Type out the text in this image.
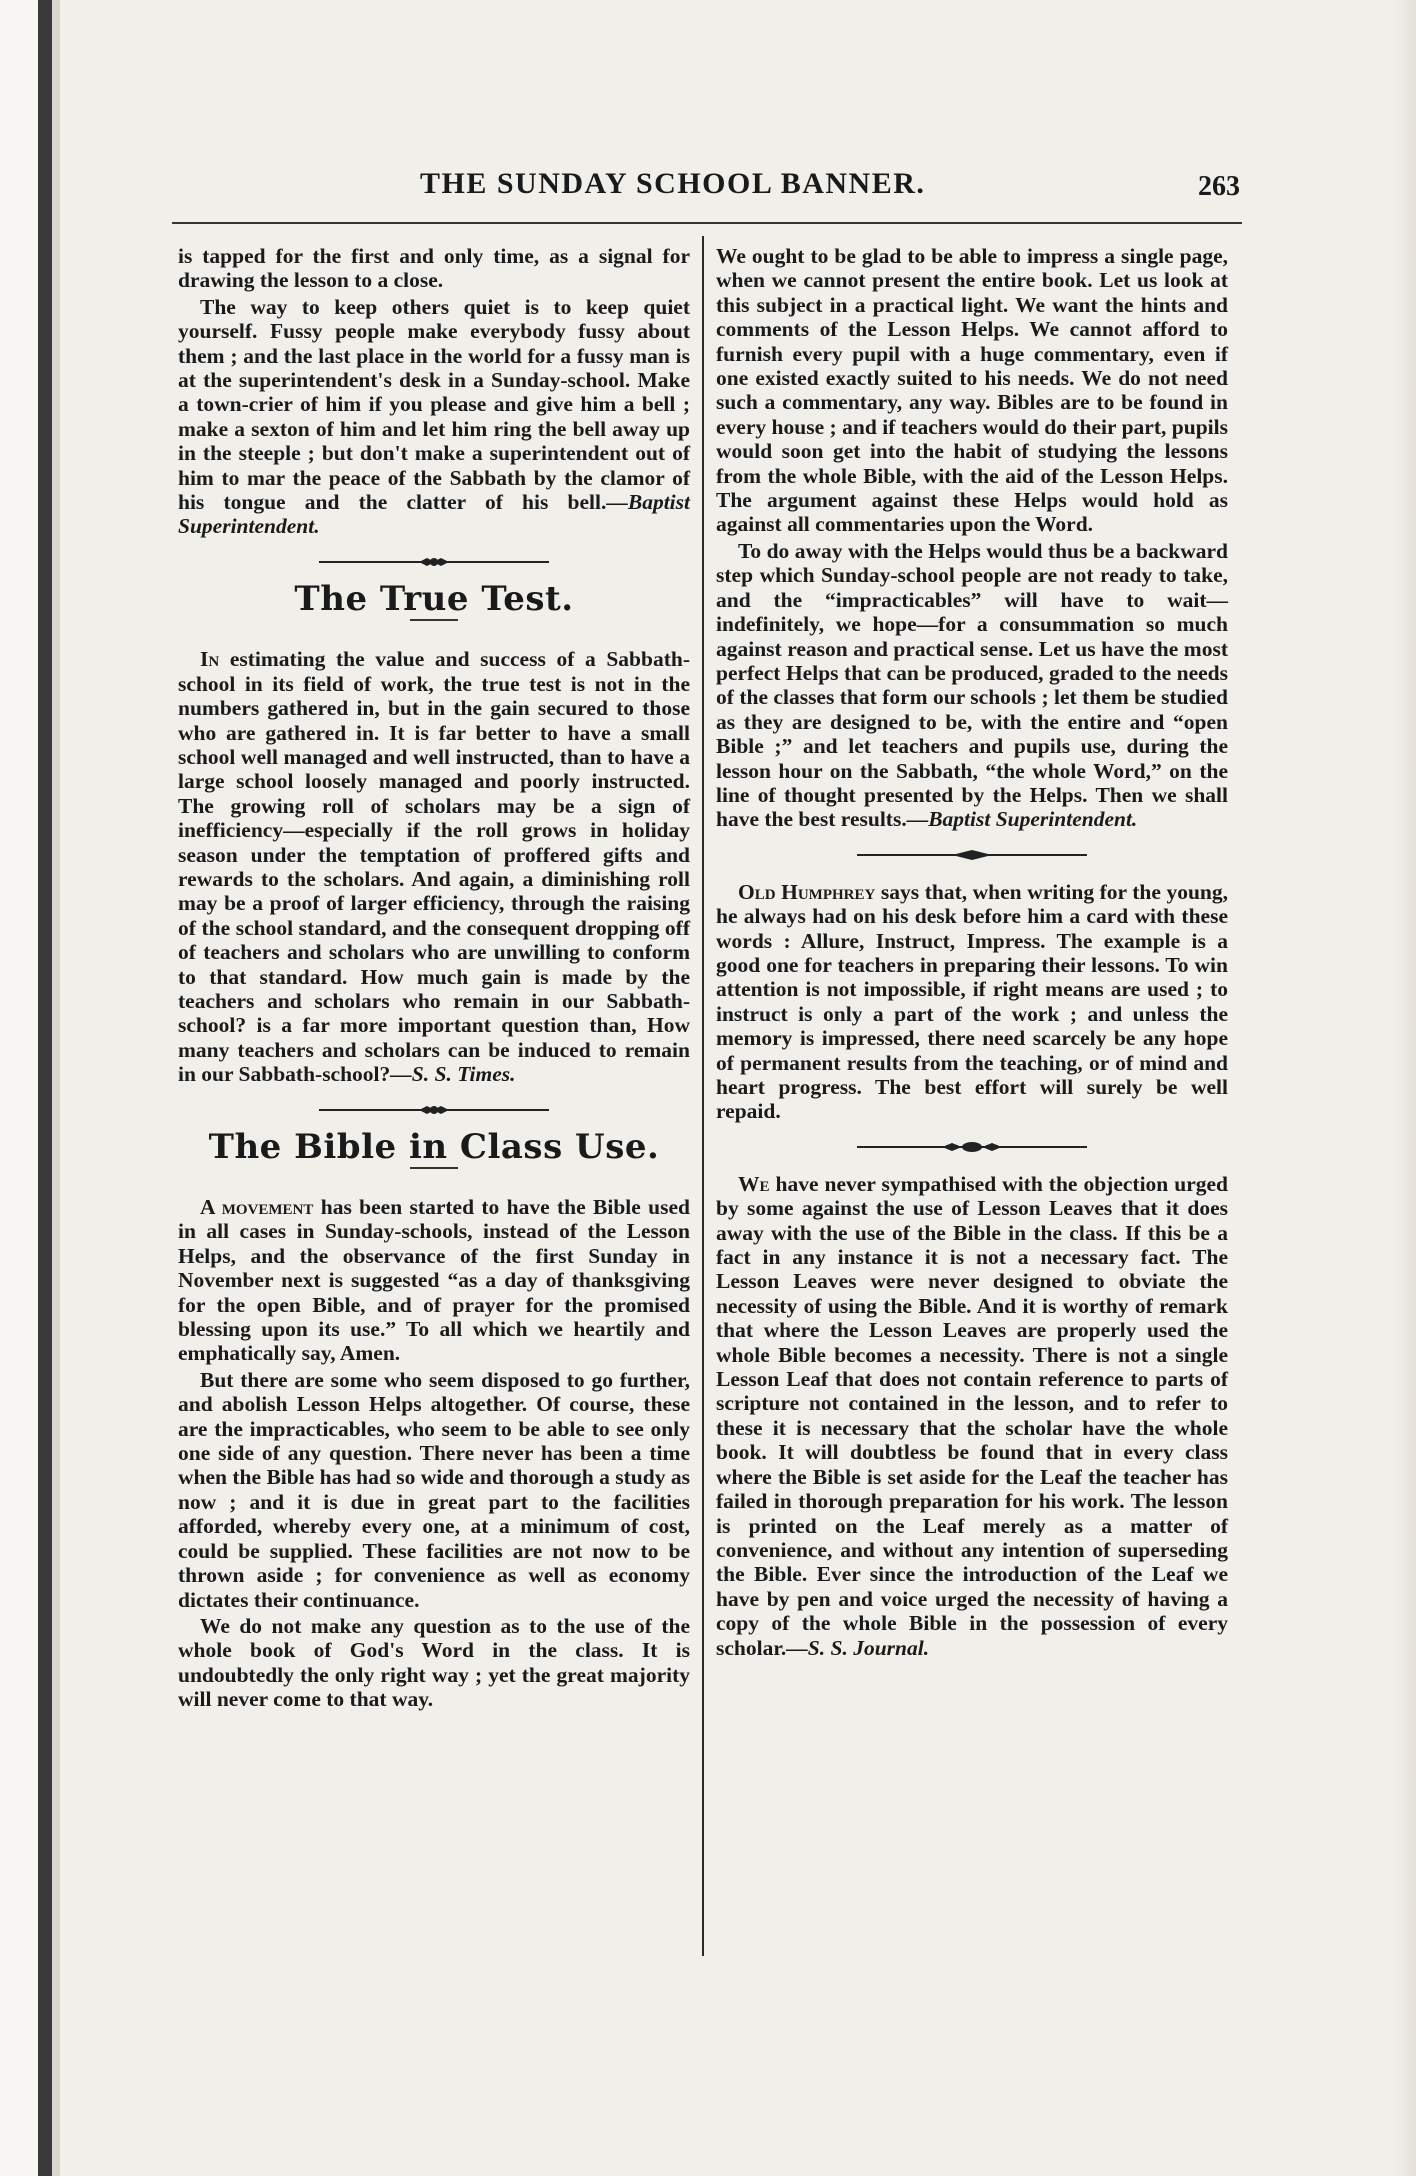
THE SUNDAY SCHOOL BANNER.	263

is tapped for the first and only time, as a signal for drawing the lesson to a close.

The way to keep others quiet is to keep quiet yourself. Fussy people make everybody fussy about them ; and the last place in the world for a fussy man is at the superintendent's desk in a Sunday-school. Make a town-crier of him if you please and give him a bell ; make a sexton of him and let him ring the bell away up in the steeple ; but don't make a superintendent out of him to mar the peace of the Sabbath by the clamor of his tongue and the clatter of his bell.—Baptist Superintendent.

The True Test.

In estimating the value and success of a Sabbath-school in its field of work, the true test is not in the numbers gathered in, but in the gain secured to those who are gathered in. It is far better to have a small school well managed and well instructed, than to have a large school loosely managed and poorly instructed. The growing roll of scholars may be a sign of inefficiency—especially if the roll grows in holiday season under the temptation of proffered gifts and rewards to the scholars. And again, a diminishing roll may be a proof of larger efficiency, through the raising of the school standard, and the consequent dropping off of teachers and scholars who are unwilling to conform to that standard. How much gain is made by the teachers and scholars who remain in our Sabbath-school? is a far more important question than, How many teachers and scholars can be induced to remain in our Sabbath-school?—S. S. Times.

The Bible in Class Use.

A movement has been started to have the Bible used in all cases in Sunday-schools, instead of the Lesson Helps, and the observance of the first Sunday in November next is suggested “as a day of thanksgiving for the open Bible, and of prayer for the promised blessing upon its use.” To all which we heartily and emphatically say, Amen.

But there are some who seem disposed to go further, and abolish Lesson Helps altogether. Of course, these are the impracticables, who seem to be able to see only one side of any question. There never has been a time when the Bible has had so wide and thorough a study as now ; and it is due in great part to the facilities afforded, whereby every one, at a minimum of cost, could be supplied. These facilities are not now to be thrown aside ; for convenience as well as economy dictates their continuance.

We do not make any question as to the use of the whole book of God's Word in the class. It is undoubtedly the only right way ; yet the great majority will never come to that way.

We ought to be glad to be able to impress a single page, when we cannot present the entire book. Let us look at this subject in a practical light. We want the hints and comments of the Lesson Helps. We cannot afford to furnish every pupil with a huge commentary, even if one existed exactly suited to his needs. We do not need such a commentary, any way. Bibles are to be found in every house ; and if teachers would do their part, pupils would soon get into the habit of studying the lessons from the whole Bible, with the aid of the Lesson Helps. The argument against these Helps would hold as against all commentaries upon the Word.

To do away with the Helps would thus be a backward step which Sunday-school people are not ready to take, and the “impracticables” will have to wait—indefinitely, we hope—for a consummation so much against reason and practical sense. Let us have the most perfect Helps that can be produced, graded to the needs of the classes that form our schools ; let them be studied as they are designed to be, with the entire and “open Bible ;” and let teachers and pupils use, during the lesson hour on the Sabbath, “the whole Word,” on the line of thought presented by the Helps. Then we shall have the best results.—Baptist Superintendent.

Old Humphrey says that, when writing for the young, he always had on his desk before him a card with these words : Allure, Instruct, Impress. The example is a good one for teachers in preparing their lessons. To win attention is not impossible, if right means are used ; to instruct is only a part of the work ; and unless the memory is impressed, there need scarcely be any hope of permanent results from the teaching, or of mind and heart progress. The best effort will surely be well repaid.

We have never sympathised with the objection urged by some against the use of Lesson Leaves that it does away with the use of the Bible in the class. If this be a fact in any instance it is not a necessary fact. The Lesson Leaves were never designed to obviate the necessity of using the Bible. And it is worthy of remark that where the Lesson Leaves are properly used the whole Bible becomes a necessity. There is not a single Lesson Leaf that does not contain reference to parts of scripture not contained in the lesson, and to refer to these it is necessary that the scholar have the whole book. It will doubtless be found that in every class where the Bible is set aside for the Leaf the teacher has failed in thorough preparation for his work. The lesson is printed on the Leaf merely as a matter of convenience, and without any intention of superseding the Bible. Ever since the introduction of the Leaf we have by pen and voice urged the necessity of having a copy of the whole Bible in the possession of every scholar.—S. S. Journal.
